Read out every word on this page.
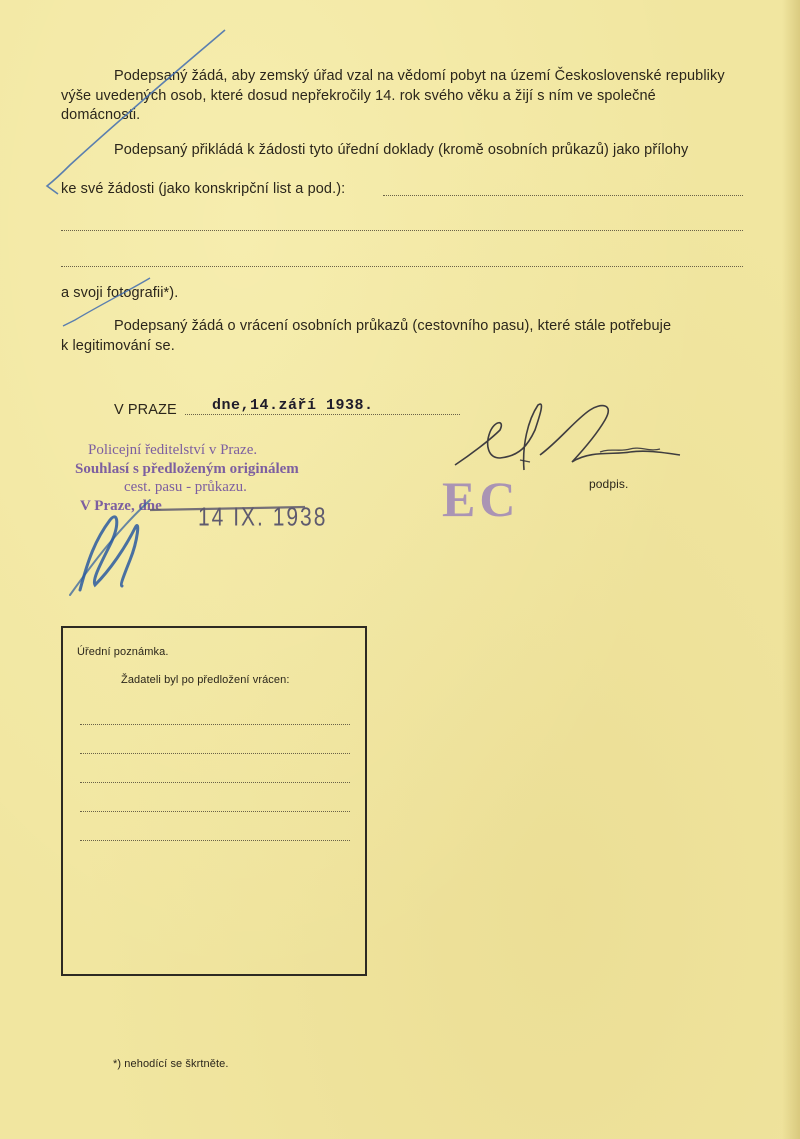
Podepsaný žádá, aby zemský úřad vzal na vědomí pobyt na území Československé republiky
výše uvedených osob, které dosud nepřekročily 14. rok svého věku a žijí s ním ve společné
domácnosti.
Podepsaný přikládá k žádosti tyto úřední doklady (kromě osobních průkazů) jako přílohy
ke své žádosti (jako konskripční list a pod.):
a svoji fotografii*).
Podepsaný žádá o vrácení osobních průkazů (cestovního pasu), které stále potřebuje
k legitimování se.
V PRAZE dne,14.září 1938.
Policejní ředitelství v Praze.
Souhlasí s předloženým originálem
cest. pasu - průkazu.
V Praze, dne 14 IX. 1938 EC	podpis.
Úřední poznámka.
Žadateli byl po předložení vrácen:
*) nehodící se škrtněte.
